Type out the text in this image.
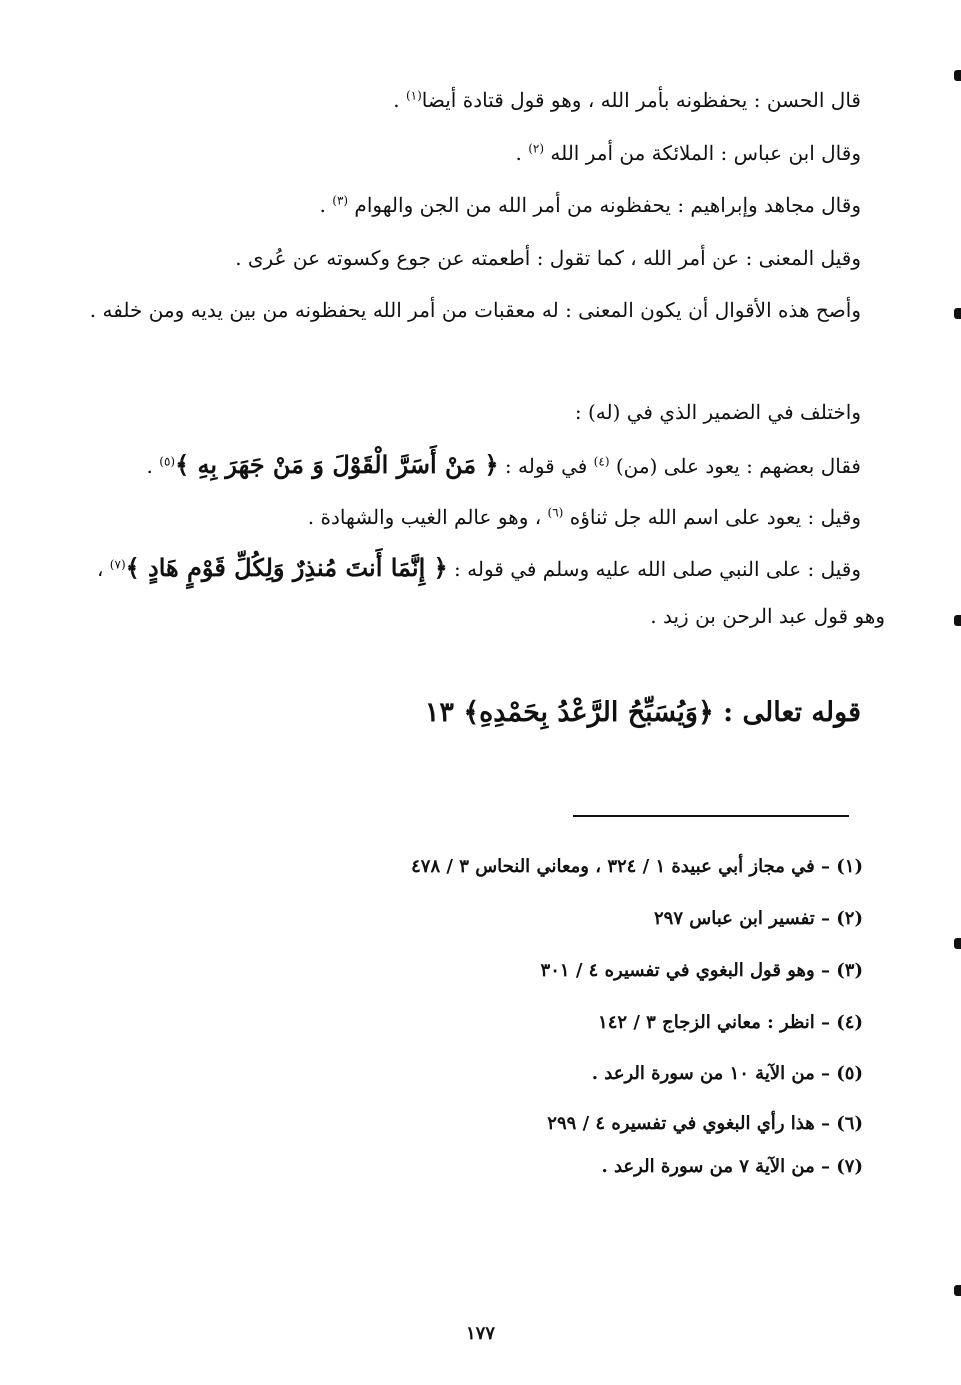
قال الحسن : يحفظونه بأمر الله ، وهو قول قتادة أيضا$^{(١)}$ .
وقال ابن عباس : الملائكة من أمر الله $^{(٢)}$ .
وقال مجاهد وإبراهيم : يحفظونه من أمر الله من الجن والهوام $^{(٣)}$ .
وقيل المعنى : عن أمر الله ، كما تقول : أطعمته عن جوع وكسوته عن عُرى .
وأصح هذه الأقوال أن يكون المعنى : له معقبات من أمر الله يحفظونه من بين يديه ومن خلفه .
واختلف في الضمير الذي في (له) :
فقال بعضهم : يعود على (من) $^{(٤)}$ في قوله : ﴿ مَنْ أَسَرَّ الْقَوْلَ وَ مَنْ جَهَرَ بِهِ ﴾$^{(٥)}$ .
وقيل : يعود على اسم الله جل ثناؤه $^{(٦)}$ ، وهو عالم الغيب والشهادة .
وقيل : على النبي صلى الله عليه وسلم في قوله : ﴿ إِنَّمَا أَنتَ مُنذِرٌ وَلِكُلِّ قَوْمٍ هَادٍ ﴾$^{(٧)}$ ،
وهو قول عبد الرحن بن زيد .
قوله تعالى : ﴿وَيُسَبِّحُ الرَّعْدُ بِحَمْدِهِ﴾ ١٣
(١) – في مجاز أبي عبيدة ١ / ٣٢٤ ، ومعاني النحاس ٣ / ٤٧٨
(٢) – تفسير ابن عباس ٢٩٧
(٣) – وهو قول البغوي في تفسيره ٤ / ٣٠١
(٤) – انظر : معاني الزجاج ٣ / ١٤٢
(٥) – من الآية ١٠ من سورة الرعد .
(٦) – هذا رأي البغوي في تفسيره ٤ / ٢٩٩
(٧) – من الآية ٧ من سورة الرعد .
١٧٧
